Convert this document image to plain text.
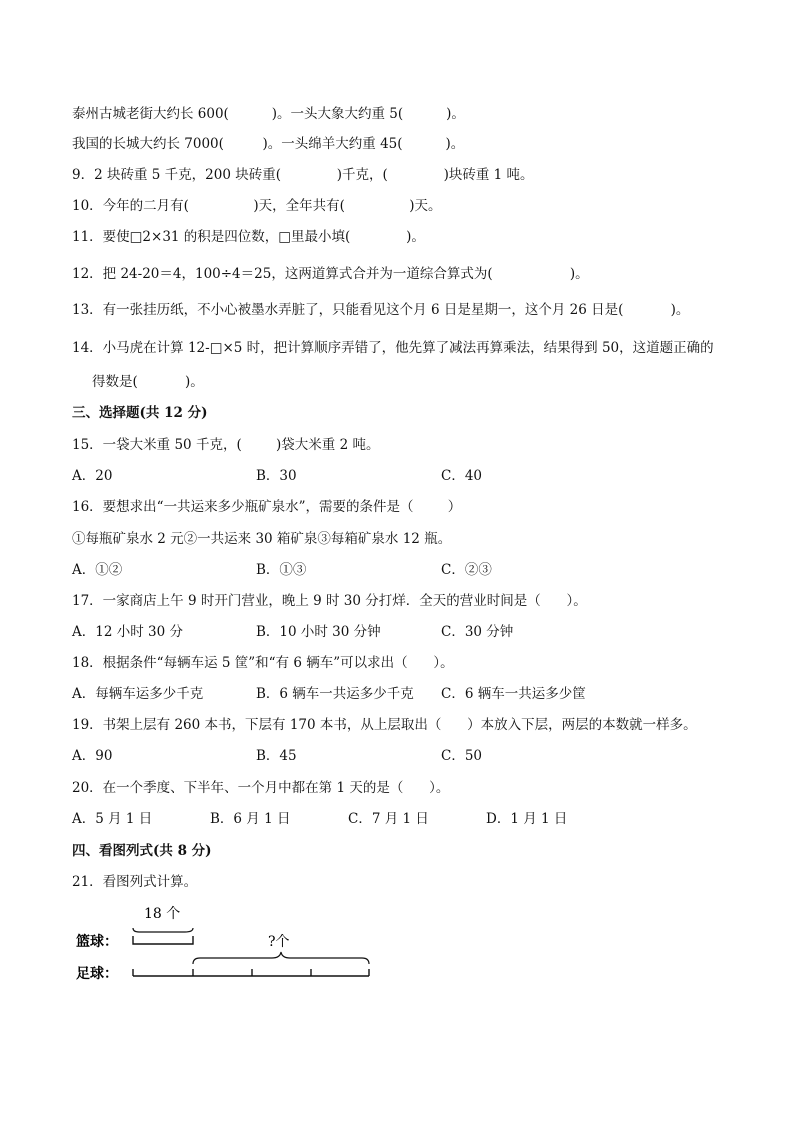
泰州古城老街大约长 600(          )。一头大象大约重 5(          )。
我国的长城大约长 7000(         )。一头绵羊大约重 45(          )。
9．2 块砖重 5 千克，200 块砖重(             )千克，(             )块砖重 1 吨。
10．今年的二月有(               )天，全年共有(               )天。
11．要使□2×31 的积是四位数，□里最小填(             )。
12．把 24-20＝4，100÷4＝25，这两道算式合并为一道综合算式为(                  )。
13．有一张挂历纸，不小心被墨水弄脏了，只能看见这个月 6 日是星期一，这个月 26 日是(           )。
14．小马虎在计算 12-□×5 时，把计算顺序弄错了，他先算了减法再算乘法，结果得到 50，这道题正确的
得数是(           )。
三、选择题(共 12 分)
15．一袋大米重 50 千克，(        )袋大米重 2 吨。
A．20	B．30	C．40
16．要想求出“一共运来多少瓶矿泉水”，需要的条件是（        ）
①每瓶矿泉水 2 元②一共运来 30 箱矿泉③每箱矿泉水 12 瓶。
A．①②	B．①③	C．②③
17．一家商店上午 9 时开门营业，晚上 9 时 30 分打烊．全天的营业时间是（      ）。
A．12 小时 30 分	B．10 小时 30 分钟	C．30 分钟
18．根据条件“每辆车运 5 筐”和“有 6 辆车”可以求出（      ）。
A．每辆车运多少千克	B．6 辆车一共运多少千克 C．6 辆车一共运多少筐
19．书架上层有 260 本书，下层有 170 本书，从上层取出（      ）本放入下层，两层的本数就一样多。
A．90	B．45	C．50
20．在一个季度、下半年、一个月中都在第 1 天的是（      ）。
A．5 月 1 日	B．6 月 1 日	C．7 月 1 日	D．1 月 1 日
四、看图列式(共 8 分)
21．看图列式计算。
18 个
篮球：	?个
足球：
